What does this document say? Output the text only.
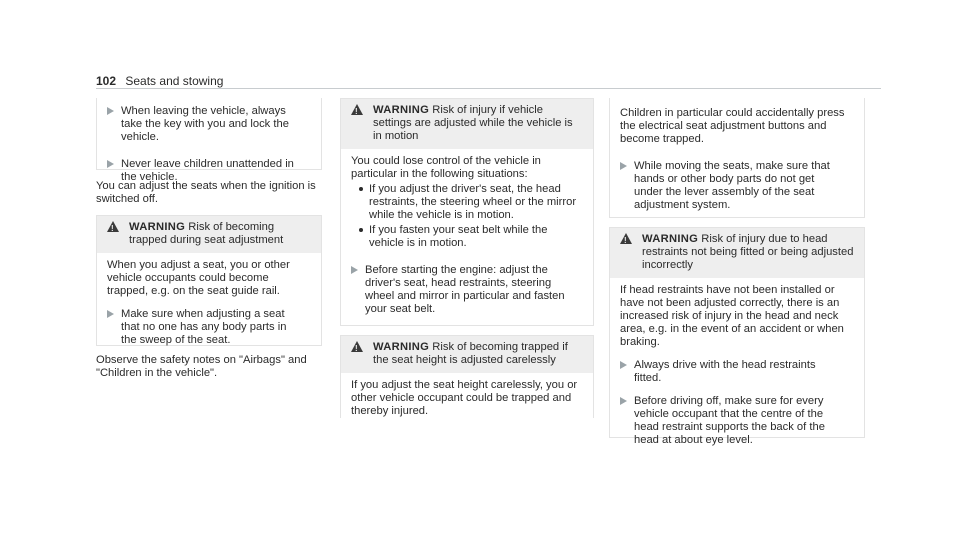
102 Seats and stowing
When leaving the vehicle, always take the key with you and lock the vehicle.
Never leave children unattended in the vehicle.
You can adjust the seats when the ignition is switched off.
!
WARNING Risk of becoming trapped during seat adjustment
When you adjust a seat, you or other vehicle occupants could become trapped, e.g. on the seat guide rail.
Make sure when adjusting a seat that no one has any body parts in the sweep of the seat.
Observe the safety notes on "Airbags" and "Children in the vehicle".
!
WARNING Risk of injury if vehicle settings are adjusted while the vehicle is in motion
You could lose control of the vehicle in particular in the following situations:
If you adjust the driver's seat, the head restraints, the steering wheel or the mirror while the vehicle is in motion.
If you fasten your seat belt while the vehicle is in motion.
Before starting the engine: adjust the driver's seat, head restraints, steering wheel and mirror in particular and fasten your seat belt.
!
WARNING Risk of becoming trapped if the seat height is adjusted carelessly
If you adjust the seat height carelessly, you or other vehicle occupant could be trapped and thereby injured.
Children in particular could accidentally press the electrical seat adjustment buttons and become trapped.
While moving the seats, make sure that hands or other body parts do not get under the lever assembly of the seat adjustment system.
!
WARNING Risk of injury due to head restraints not being fitted or being adjusted incorrectly
If head restraints have not been installed or have not been adjusted correctly, there is an increased risk of injury in the head and neck area, e.g. in the event of an accident or when braking.
Always drive with the head restraints fitted.
Before driving off, make sure for every vehicle occupant that the centre of the head restraint supports the back of the head at about eye level.
